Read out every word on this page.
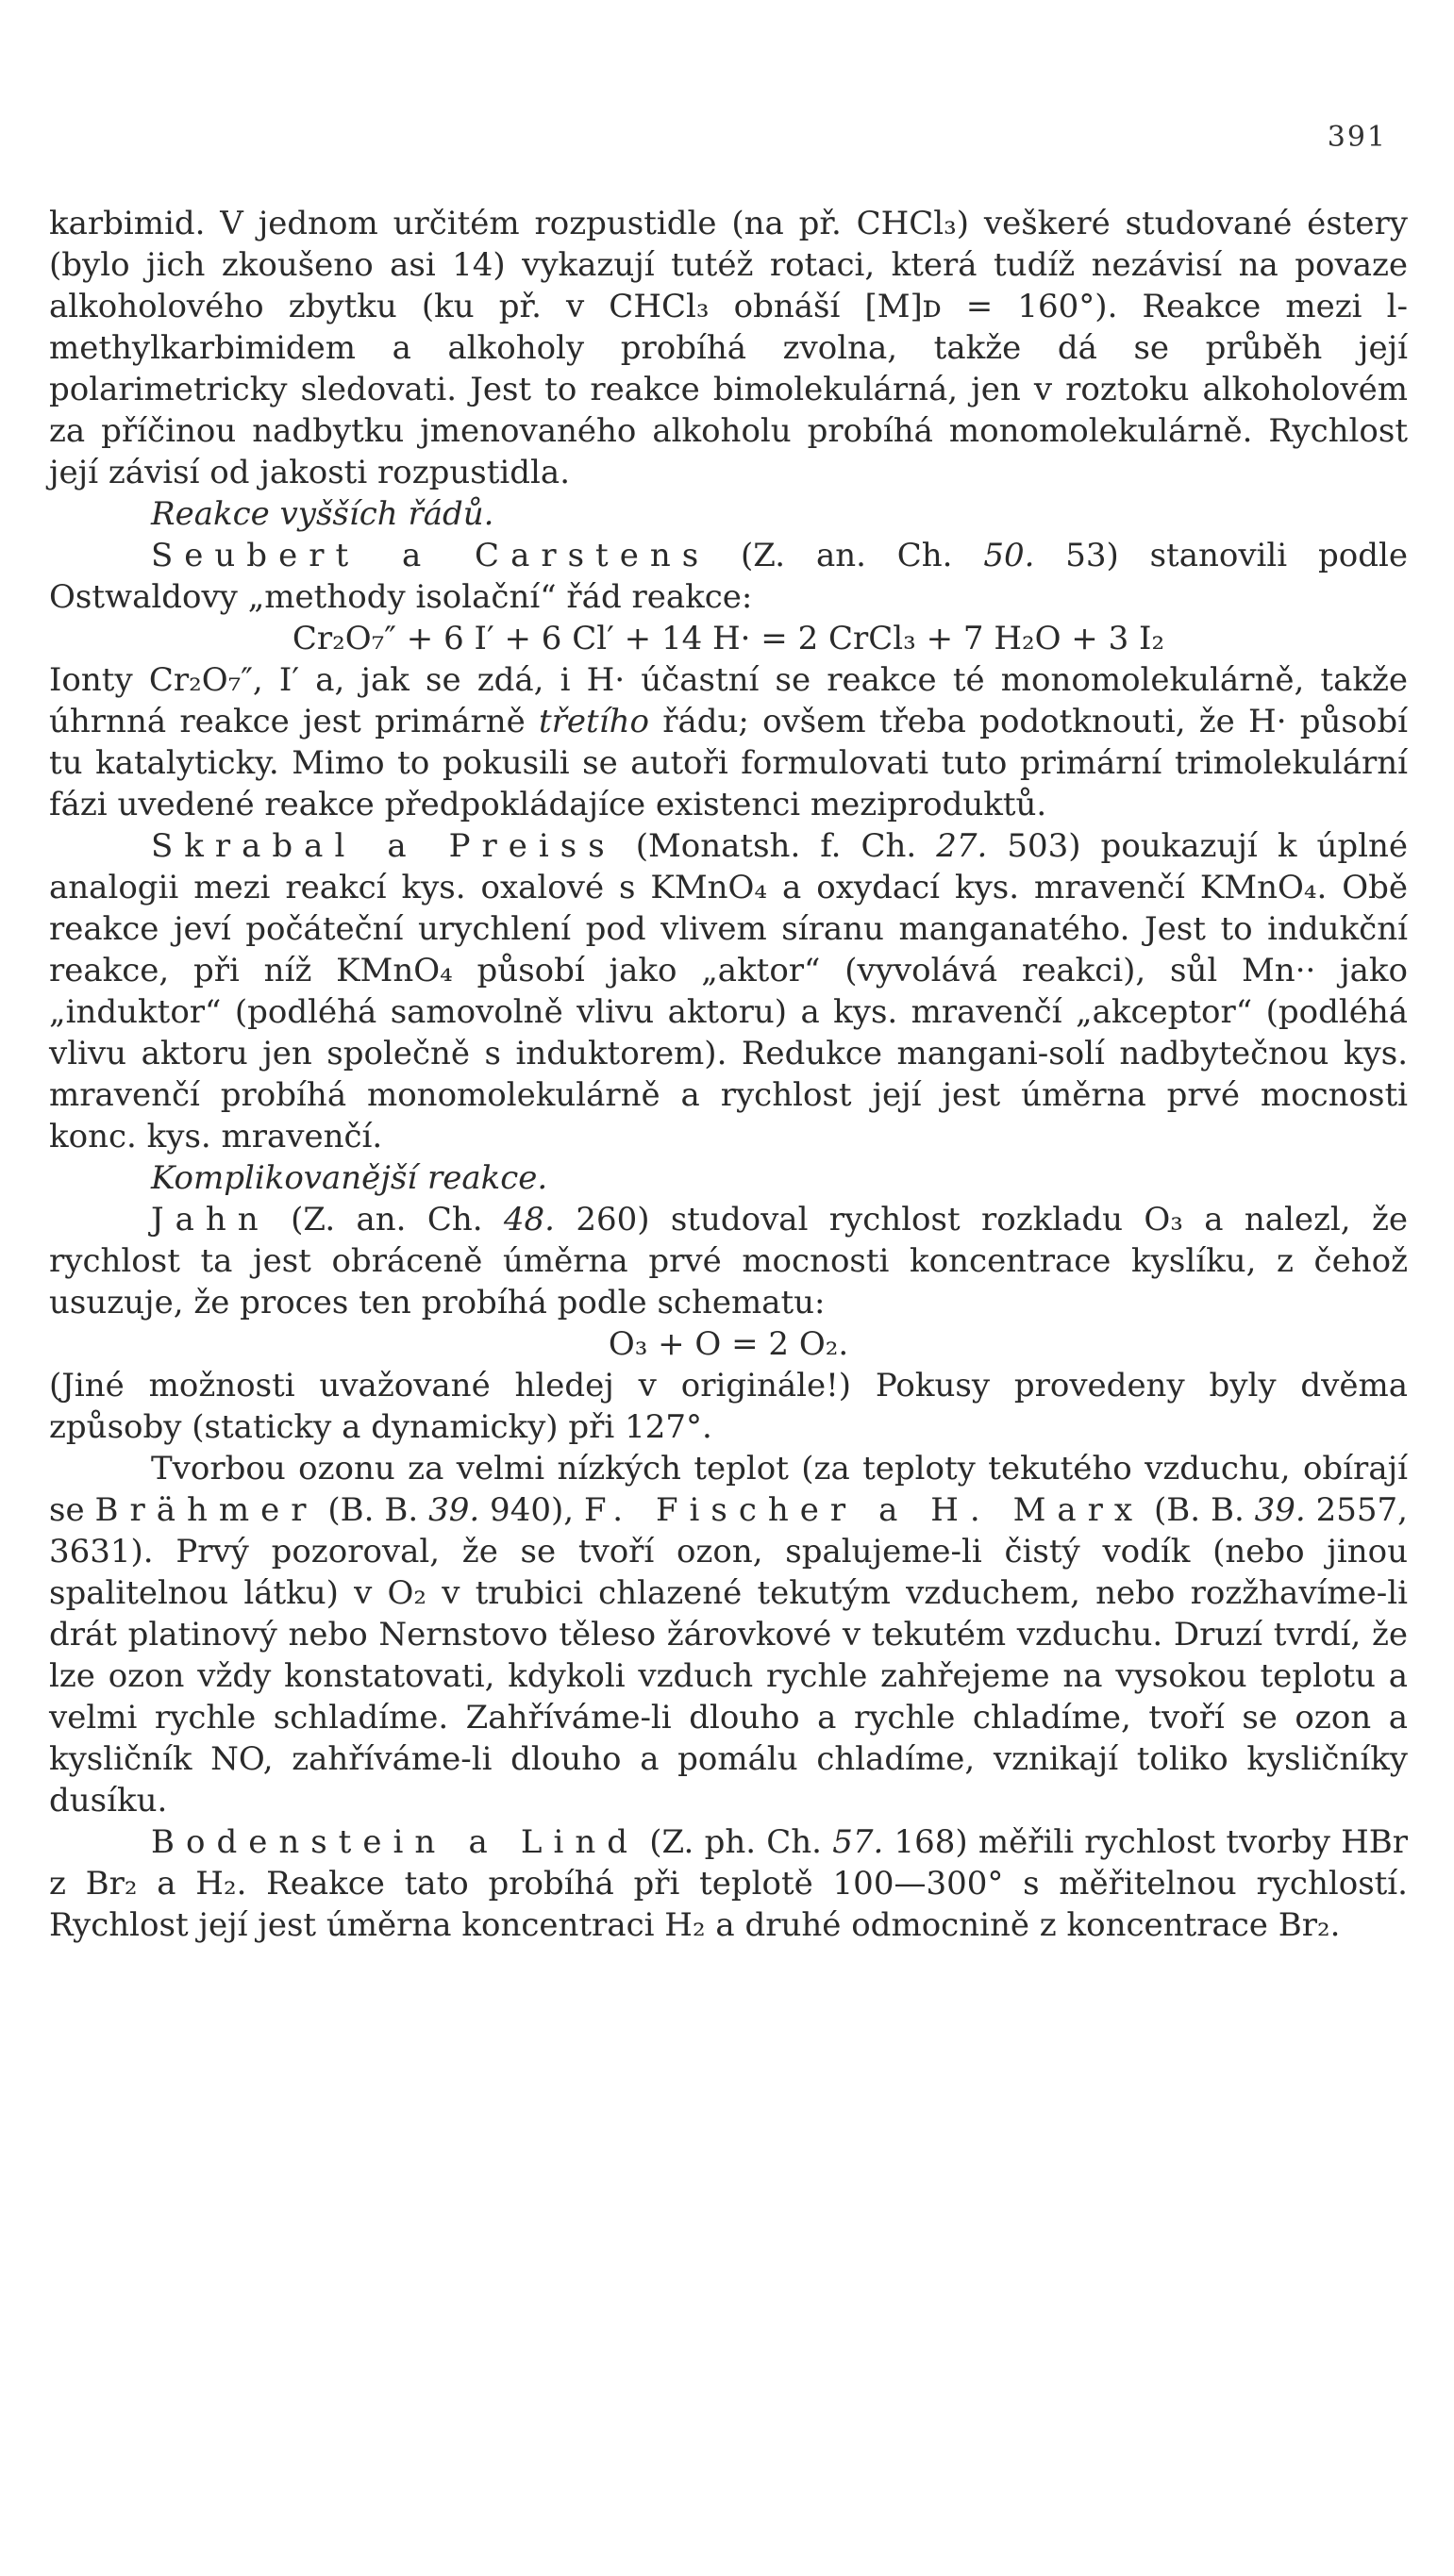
391

karbimid. V jednom určitém rozpustidle (na př. CHCl₃) veškeré studované éstery (bylo jich zkoušeno asi 14) vykazují tutéž rotaci, která tudíž nezávisí na povaze alkoholového zbytku (ku př. v CHCl₃ obnáší [M]ᴅ = 160°). Reakce mezi l-methylkarbimidem a alkoholy probíhá zvolna, takže dá se průběh její polarimetricky sledovati. Jest to reakce bimolekulárná, jen v roztoku alkoholovém za příčinou nadbytku jmenovaného alkoholu probíhá monomolekulárně. Rychlost její závisí od jakosti rozpustidla.

Reakce vyšších řádů.

Seubert a Carstens (Z. an. Ch. 50. 53) stanovili podle Ostwaldovy „methody isolační“ řád reakce:

Cr₂O₇″ + 6 I′ + 6 Cl′ + 14 H· = 2 CrCl₃ + 7 H₂O + 3 I₂

Ionty Cr₂O₇″, I′ a, jak se zdá, i H· účastní se reakce té monomolekulárně, takže úhrnná reakce jest primárně třetího řádu; ovšem třeba podotknouti, že H· působí tu katalyticky. Mimo to pokusili se autoři formulovati tuto primární trimolekulární fázi uvedené reakce předpokládajíce existenci meziproduktů.

Skrabal a Preiss (Monatsh. f. Ch. 27. 503) poukazují k úplné analogii mezi reakcí kys. oxalové s KMnO₄ a oxydací kys. mravenčí KMnO₄. Obě reakce jeví počáteční urychlení pod vlivem síranu manganatého. Jest to indukční reakce, při níž KMnO₄ působí jako „aktor“ (vyvolává reakci), sůl Mn·· jako „induktor“ (podléhá samovolně vlivu aktoru) a kys. mravenčí „akceptor“ (podléhá vlivu aktoru jen společně s induktorem). Redukce mangani-solí nadbytečnou kys. mravenčí probíhá monomolekulárně a rychlost její jest úměrna prvé mocnosti konc. kys. mravenčí.

Komplikovanější reakce.

Jahn (Z. an. Ch. 48. 260) studoval rychlost rozkladu O₃ a nalezl, že rychlost ta jest obráceně úměrna prvé mocnosti koncentrace kyslíku, z čehož usuzuje, že proces ten probíhá podle schematu:

O₃ + O = 2 O₂.

(Jiné možnosti uvažované hledej v originále!) Pokusy provedeny byly dvěma způsoby (staticky a dynamicky) při 127°.

Tvorbou ozonu za velmi nízkých teplot (za teploty tekutého vzduchu, obírají se Brähmer (B. B. 39. 940), F. Fischer a H. Marx (B. B. 39. 2557, 3631). Prvý pozoroval, že se tvoří ozon, spalujeme-li čistý vodík (nebo jinou spalitelnou látku) v O₂ v trubici chlazené tekutým vzduchem, nebo rozžhavíme-li drát platinový nebo Nernstovo těleso žárovkové v tekutém vzduchu. Druzí tvrdí, že lze ozon vždy konstatovati, kdykoli vzduch rychle zahřejeme na vysokou teplotu a velmi rychle schladíme. Zahříváme-li dlouho a rychle chladíme, tvoří se ozon a kysličník NO, zahříváme-li dlouho a pomálu chladíme, vznikají toliko kysličníky dusíku.

Bodenstein a Lind (Z. ph. Ch. 57. 168) měřili rychlost tvorby HBr z Br₂ a H₂. Reakce tato probíhá při teplotě 100—300° s měřitelnou rychlostí. Rychlost její jest úměrna koncentraci H₂ a druhé odmocnině z koncentrace Br₂.
